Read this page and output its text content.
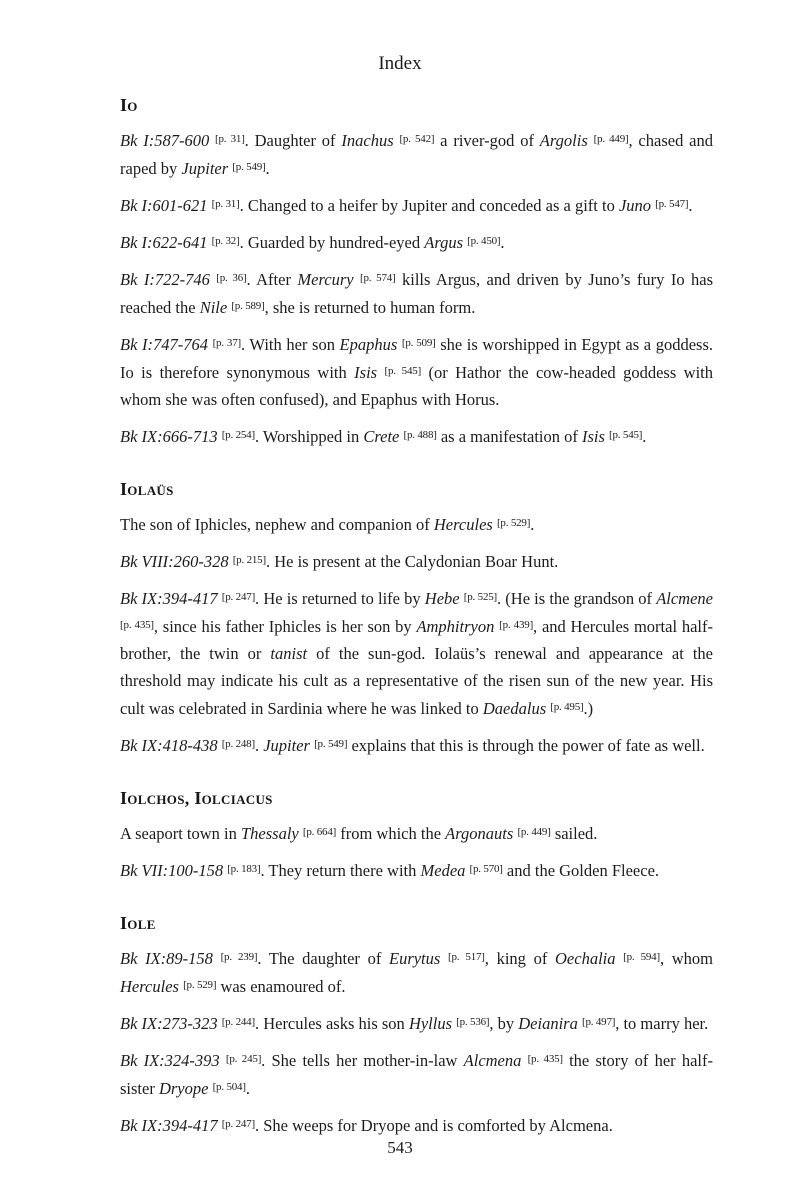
Index
Io

Bk I:587-600 [p. 31]. Daughter of Inachus [p. 542] a river-god of Argolis [p. 449], chased and raped by Jupiter [p. 549].

Bk I:601-621 [p. 31]. Changed to a heifer by Jupiter and conceded as a gift to Juno [p. 547].

Bk I:622-641 [p. 32]. Guarded by hundred-eyed Argus [p. 450].

Bk I:722-746 [p. 36]. After Mercury [p. 574] kills Argus, and driven by Juno’s fury Io has reached the Nile [p. 589], she is returned to human form.

Bk I:747-764 [p. 37]. With her son Epaphus [p. 509] she is worshipped in Egypt as a goddess. Io is therefore synonymous with Isis [p. 545] (or Hathor the cow-headed goddess with whom she was often confused), and Epaphus with Horus.

Bk IX:666-713 [p. 254]. Worshipped in Crete [p. 488] as a manifestation of Isis [p. 545].

Iolaüs

The son of Iphicles, nephew and companion of Hercules [p. 529].

Bk VIII:260-328 [p. 215]. He is present at the Calydonian Boar Hunt.

Bk IX:394-417 [p. 247]. He is returned to life by Hebe [p. 525]. (He is the grandson of Alcmene [p. 435], since his father Iphicles is her son by Amphitryon [p. 439], and Hercules mortal half-brother, the twin or tanist of the sun-god. Iolaüs’s renewal and appearance at the threshold may indicate his cult as a representative of the risen sun of the new year. His cult was celebrated in Sardinia where he was linked to Daedalus [p. 495].)

Bk IX:418-438 [p. 248]. Jupiter [p. 549] explains that this is through the power of fate as well.

Iolchos, Iolciacus

A seaport town in Thessaly [p. 664] from which the Argonauts [p. 449] sailed.

Bk VII:100-158 [p. 183]. They return there with Medea [p. 570] and the Golden Fleece.

Iole

Bk IX:89-158 [p. 239]. The daughter of Eurytus [p. 517], king of Oechalia [p. 594], whom Hercules [p. 529] was enamoured of.

Bk IX:273-323 [p. 244]. Hercules asks his son Hyllus [p. 536], by Deianira [p. 497], to marry her.

Bk IX:324-393 [p. 245]. She tells her mother-in-law Alcmena [p. 435] the story of her half-sister Dryope [p. 504].

Bk IX:394-417 [p. 247]. She weeps for Dryope and is comforted by Alcmena.

543
